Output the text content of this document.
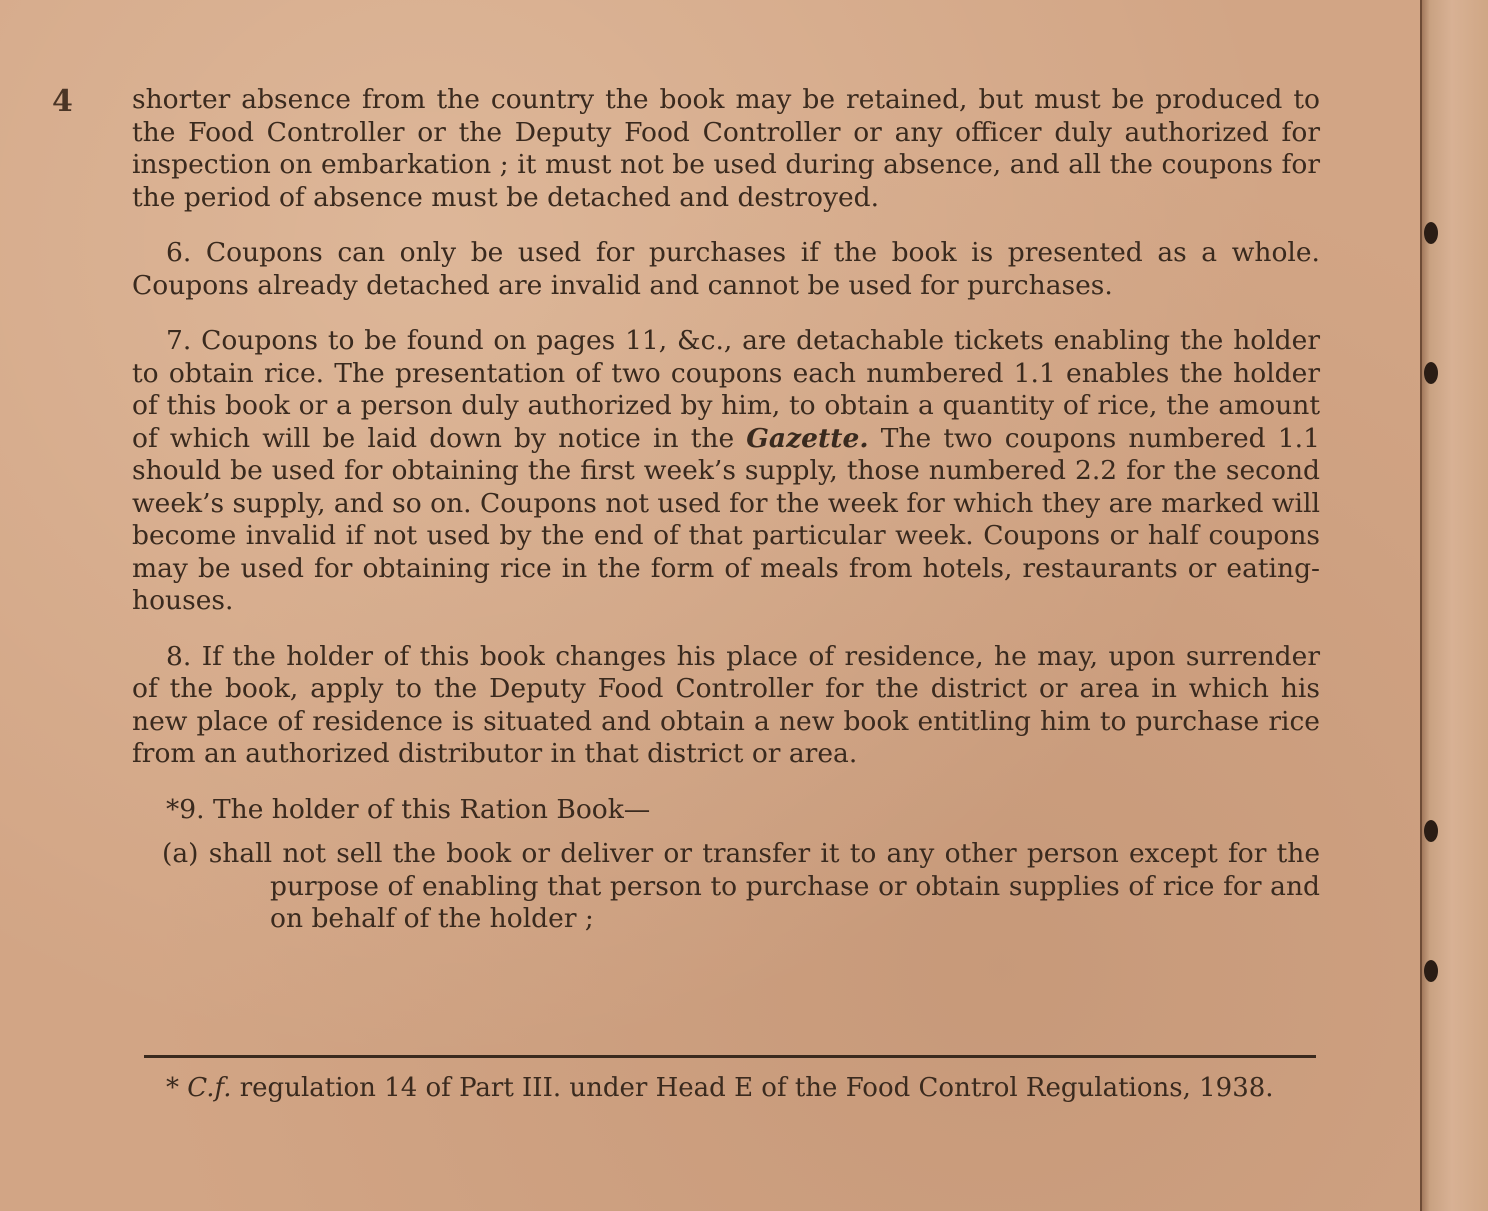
4 shorter absence from the country the book may be retained, but must be produced to the Food Controller or the Deputy Food Controller or any officer duly authorized for inspection on embarkation ; it must not be used during absence, and all the coupons for the period of absence must be detached and destroyed.

6. Coupons can only be used for purchases if the book is presented as a whole. Coupons already detached are invalid and cannot be used for purchases.

7. Coupons to be found on pages 11, &c., are detachable tickets enabling the holder to obtain rice. The presentation of two coupons each numbered 1.1 enables the holder of this book or a person duly authorized by him, to obtain a quantity of rice, the amount of which will be laid down by notice in the Gazette. The two coupons numbered 1.1 should be used for obtaining the first week’s supply, those numbered 2.2 for the second week’s supply, and so on. Coupons not used for the week for which they are marked will become invalid if not used by the end of that particular week. Coupons or half coupons may be used for obtaining rice in the form of meals from hotels, restaurants or eating-houses.

8. If the holder of this book changes his place of residence, he may, upon surrender of the book, apply to the Deputy Food Controller for the district or area in which his new place of residence is situated and obtain a new book entitling him to purchase rice from an authorized distributor in that district or area.

*9. The holder of this Ration Book—

(a) shall not sell the book or deliver or transfer it to any other person except for the purpose of enabling that person to purchase or obtain supplies of rice for and on behalf of the holder ;

* C.f. regulation 14 of Part III. under Head E of the Food Control Regulations, 1938.
